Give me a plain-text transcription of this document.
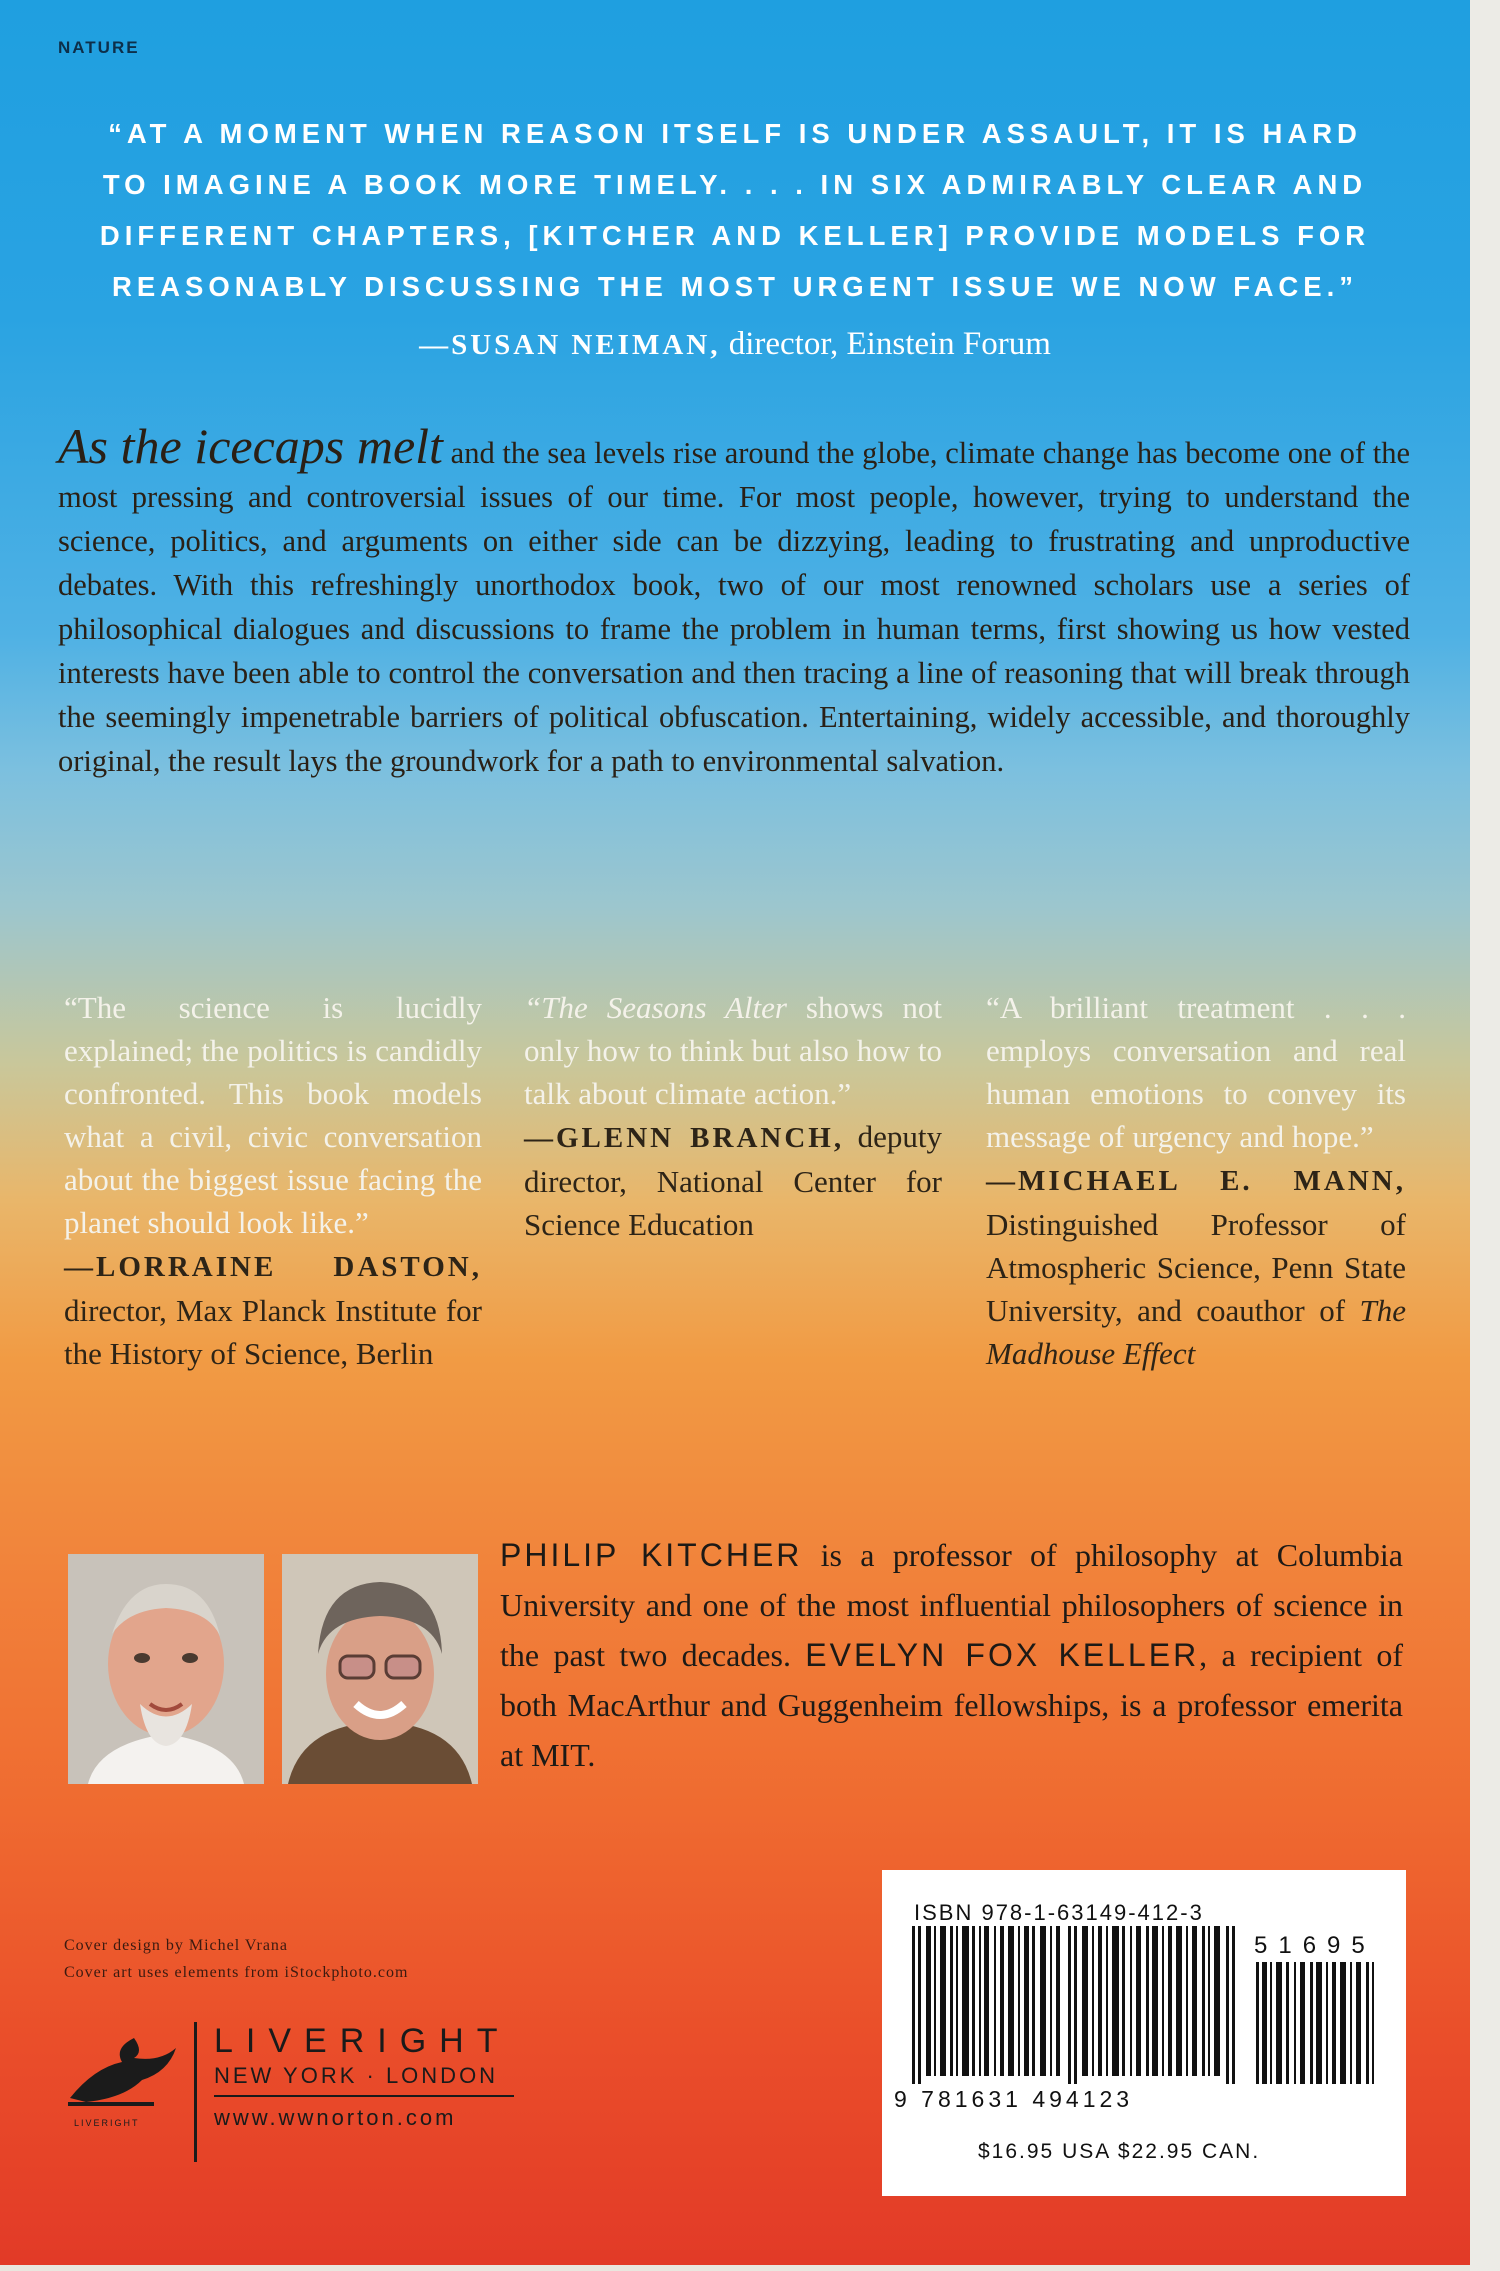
NATURE
“AT A MOMENT WHEN REASON ITSELF IS UNDER ASSAULT, IT IS HARD
TO IMAGINE A BOOK MORE TIMELY. . . . IN SIX ADMIRABLY CLEAR AND
DIFFERENT CHAPTERS, [KITCHER AND KELLER] PROVIDE MODELS FOR
REASONABLY DISCUSSING THE MOST URGENT ISSUE WE NOW FACE.”
—SUSAN NEIMAN, director, Einstein Forum
As the icecaps melt and the sea levels rise around the globe, climate change has become one of the most pressing and controversial issues of our time. For most people, however, trying to understand the science, politics, and arguments on either side can be dizzying, leading to frustrating and unproductive debates. With this refreshingly unorthodox book, two of our most renowned scholars use a series of philosophical dialogues and discussions to frame the problem in human terms, first showing us how vested interests have been able to control the conversation and then tracing a line of reasoning that will break through the seemingly impenetrable barriers of political obfuscation. Entertaining, widely accessible, and thoroughly original, the result lays the groundwork for a path to environmental salvation.
“The science is lucidly explained; the politics is candidly confronted. This book models what a civil, civic conversation about the biggest issue facing the planet should look like.”
—LORRAINE DASTON, director, Max Planck Institute for the History of Science, Berlin
“The Seasons Alter shows not only how to think but also how to talk about climate action.”
—GLENN BRANCH, deputy director, National Center for Science Education
“A brilliant treatment . . . employs conversation and real human emotions to convey its message of urgency and hope.”
—MICHAEL E. MANN, Distinguished Professor of Atmospheric Science, Penn State University, and coauthor of The Madhouse Effect
PHILIP KITCHER is a professor of philosophy at Columbia University and one of the most influential philosophers of science in the past two decades. EVELYN FOX KELLER, a recipient of both MacArthur and Guggenheim fellowships, is a professor emerita at MIT.
Cover design by Michel Vrana
Cover art uses elements from iStockphoto.com
LIVERIGHT
LIVERIGHT
NEW YORK · LONDON
www.wwnorton.com
ISBN 978-1-63149-412-3
51695
9 781631 494123
$16.95 USA $22.95 CAN.
